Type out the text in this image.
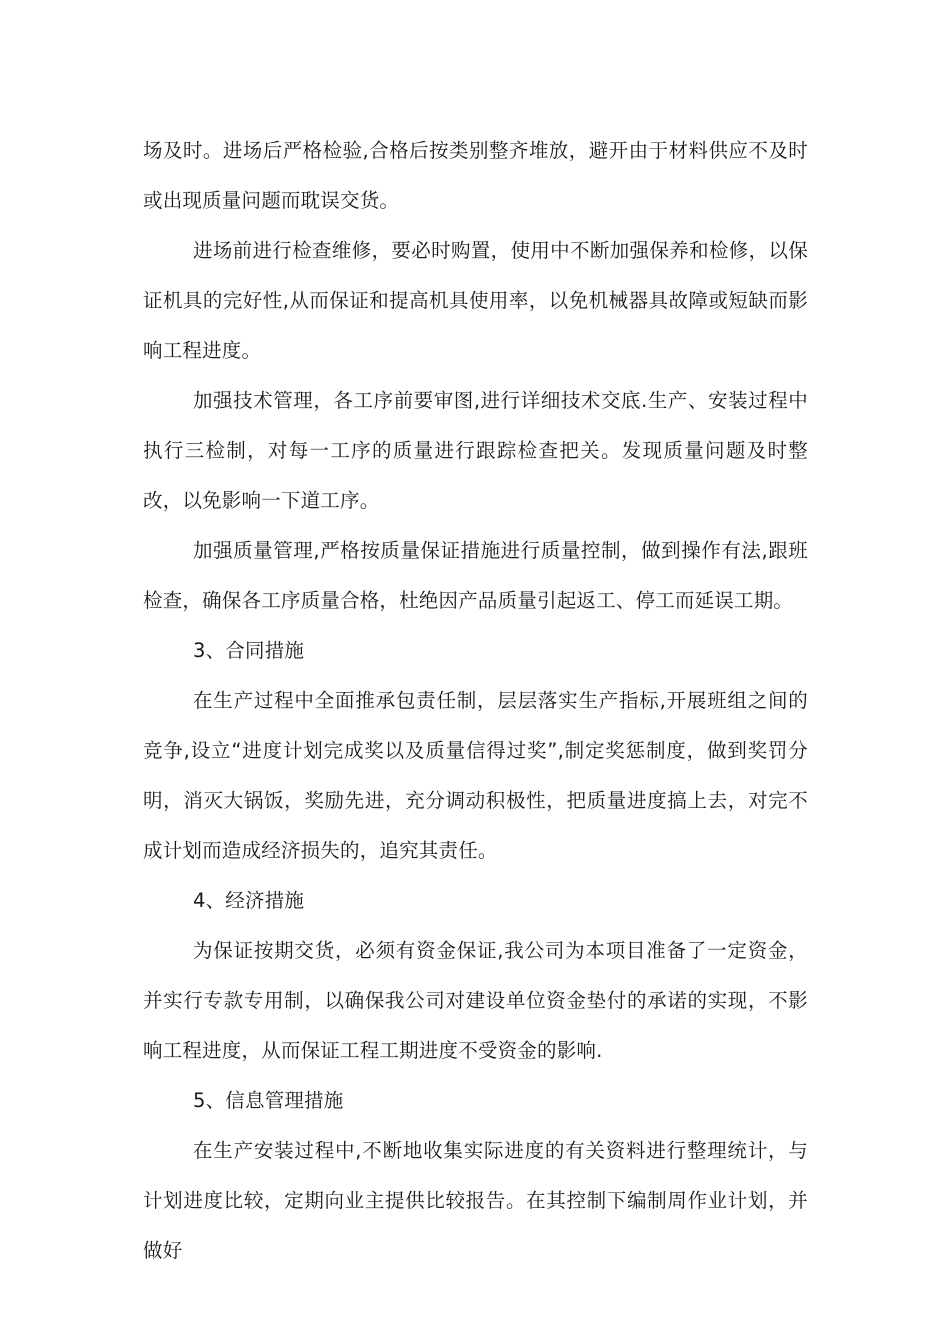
场及时。进场后严格检验,合格后按类别整齐堆放，避开由于材料供应不及时或出现质量问题而耽误交货。

进场前进行检查维修，要必时购置，使用中不断加强保养和检修，以保证机具的完好性,从而保证和提高机具使用率，以免机械器具故障或短缺而影响工程进度。

加强技术管理，各工序前要审图,进行详细技术交底.生产、安装过程中执行三检制，对每一工序的质量进行跟踪检查把关。发现质量问题及时整改，以免影响一下道工序。

加强质量管理,严格按质量保证措施进行质量控制，做到操作有法,跟班检查，确保各工序质量合格，杜绝因产品质量引起返工、停工而延误工期。

3、合同措施

在生产过程中全面推承包责任制，层层落实生产指标,开展班组之间的竞争,设立“进度计划完成奖以及质量信得过奖”,制定奖惩制度，做到奖罚分明，消灭大锅饭，奖励先进，充分调动积极性，把质量进度搞上去，对完不成计划而造成经济损失的，追究其责任。

4、经济措施

为保证按期交货，必须有资金保证,我公司为本项目准备了一定资金，并实行专款专用制，以确保我公司对建设单位资金垫付的承诺的实现，不影响工程进度，从而保证工程工期进度不受资金的影响.

5、信息管理措施

在生产安装过程中,不断地收集实际进度的有关资料进行整理统计，与计划进度比较，定期向业主提供比较报告。在其控制下编制周作业计划，并做好
